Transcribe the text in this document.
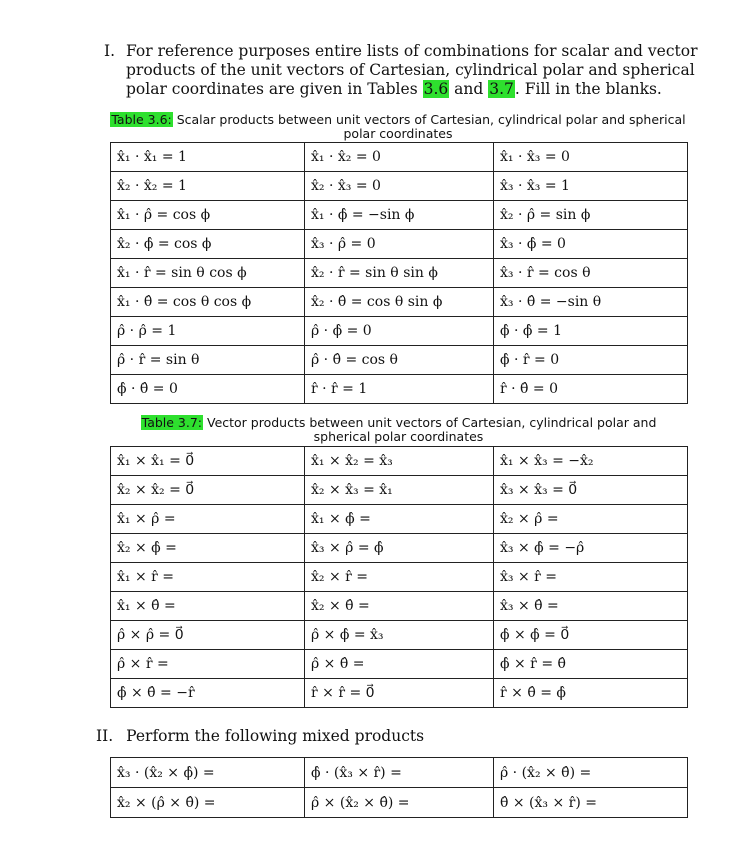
I. For reference purposes entire lists of combinations for scalar and vector
products of the unit vectors of Cartesian, cylindrical polar and spherical
polar coordinates are given in Tables 3.6 and 3.7. Fill in the blanks.
Table 3.6: Scalar products between unit vectors of Cartesian, cylindrical polar and spherical
polar coordinates
x̂₁ · x̂₁ = 1	x̂₁ · x̂₂ = 0	x̂₁ · x̂₃ = 0
x̂₂ · x̂₂ = 1	x̂₂ · x̂₃ = 0	x̂₃ · x̂₃ = 1
x̂₁ · ρ̂ = cos ϕ	x̂₁ · ϕ̂ = −sin ϕ	x̂₂ · ρ̂ = sin ϕ
x̂₂ · ϕ̂ = cos ϕ	x̂₃ · ρ̂ = 0	x̂₃ · ϕ̂ = 0
x̂₁ · r̂ = sin θ cos ϕ	x̂₂ · r̂ = sin θ sin ϕ	x̂₃ · r̂ = cos θ
x̂₁ · θ̂ = cos θ cos ϕ	x̂₂ · θ̂ = cos θ sin ϕ	x̂₃ · θ̂ = −sin θ
ρ̂ · ρ̂ = 1	ρ̂ · ϕ̂ = 0	ϕ̂ · ϕ̂ = 1
ρ̂ · r̂ = sin θ	ρ̂ · θ̂ = cos θ	ϕ̂ · r̂ = 0
ϕ̂ · θ̂ = 0	r̂ · r̂ = 1	r̂ · θ̂ = 0
Table 3.7: Vector products between unit vectors of Cartesian, cylindrical polar and
spherical polar coordinates
x̂₁ × x̂₁ = 0⃗	x̂₁ × x̂₂ = x̂₃	x̂₁ × x̂₃ = −x̂₂
x̂₂ × x̂₂ = 0⃗	x̂₂ × x̂₃ = x̂₁	x̂₃ × x̂₃ = 0⃗
x̂₁ × ρ̂ =	x̂₁ × ϕ̂ =	x̂₂ × ρ̂ =
x̂₂ × ϕ̂ =	x̂₃ × ρ̂ = ϕ̂	x̂₃ × ϕ̂ = −ρ̂
x̂₁ × r̂ =	x̂₂ × r̂ =	x̂₃ × r̂ =
x̂₁ × θ̂ =	x̂₂ × θ̂ =	x̂₃ × θ̂ =
ρ̂ × ρ̂ = 0⃗	ρ̂ × ϕ̂ = x̂₃	ϕ̂ × ϕ̂ = 0⃗
ρ̂ × r̂ =	ρ̂ × θ̂ =	ϕ̂ × r̂ = θ̂
ϕ̂ × θ̂ = −r̂	r̂ × r̂ = 0⃗	r̂ × θ̂ = ϕ̂
II. Perform the following mixed products
x̂₃ · (x̂₂ × ϕ̂) =	ϕ̂ · (x̂₃ × r̂) =	ρ̂ · (x̂₂ × θ̂) =
x̂₂ × (ρ̂ × θ̂) =	ρ̂ × (x̂₂ × θ̂) =	θ̂ × (x̂₃ × r̂) =
